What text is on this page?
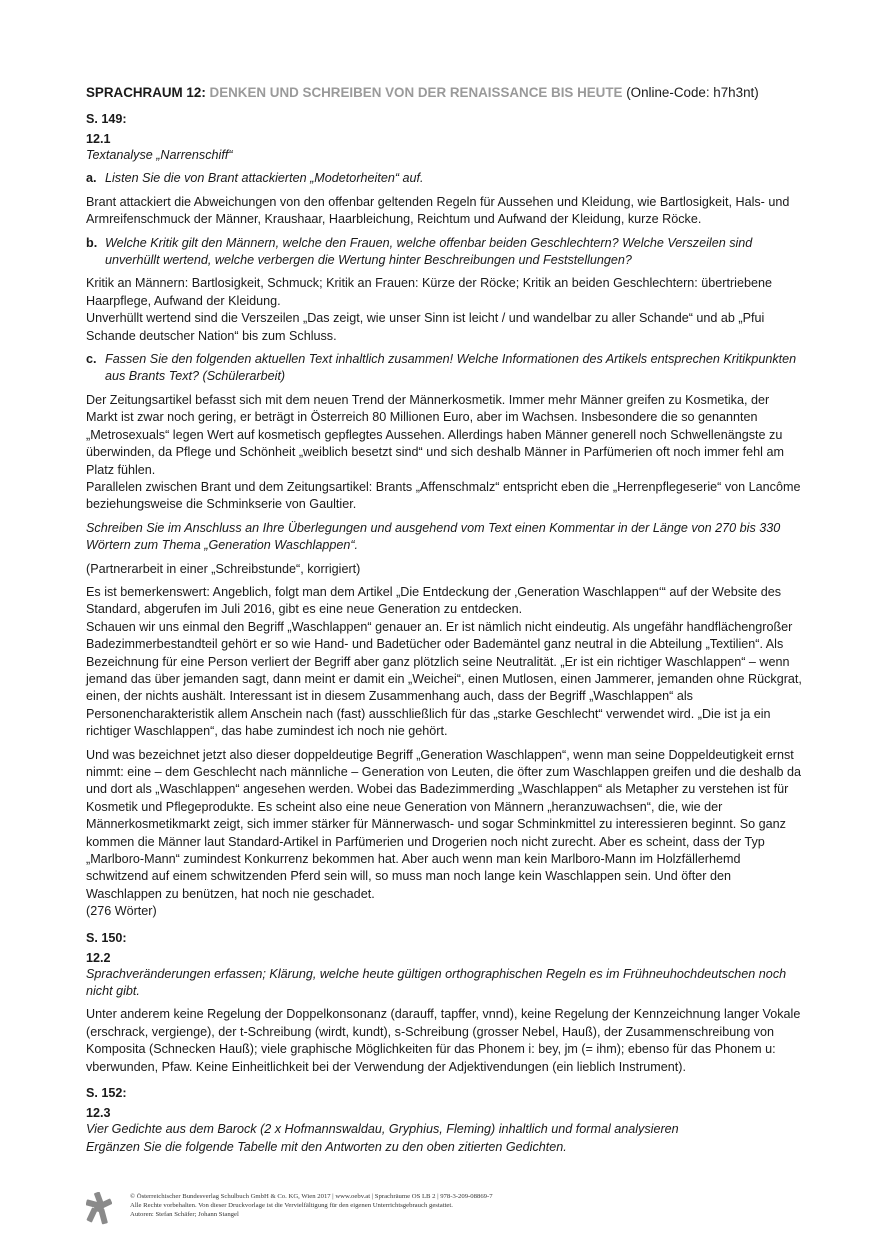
SPRACHRAUM 12: DENKEN UND SCHREIBEN VON DER RENAISSANCE BIS HEUTE (Online-Code: h7h3nt)
S. 149:
12.1

Textanalyse „Narrenschiff“

a. Listen Sie die von Brant attackierten „Modetorheiten“ auf.

Brant attackiert die Abweichungen von den offenbar geltenden Regeln für Aussehen und Kleidung, wie Bartlosigkeit, Hals- und Armreifenschmuck der Männer, Kraushaar, Haarbleichung, Reichtum und Aufwand der Kleidung, kurze Röcke.

b. Welche Kritik gilt den Männern, welche den Frauen, welche offenbar beiden Geschlechtern? Welche Verszeilen sind unverhüllt wertend, welche verbergen die Wertung hinter Beschreibungen und Feststellungen?

Kritik an Männern: Bartlosigkeit, Schmuck; Kritik an Frauen: Kürze der Röcke; Kritik an beiden Geschlechtern: übertriebene Haarpflege, Aufwand der Kleidung.

Unverhüllt wertend sind die Verszeilen „Das zeigt, wie unser Sinn ist leicht / und wandelbar zu aller Schande“ und ab „Pfui Schande deutscher Nation“ bis zum Schluss.

c. Fassen Sie den folgenden aktuellen Text inhaltlich zusammen! Welche Informationen des Artikels entsprechen Kritikpunkten aus Brants Text? (Schülerarbeit)

Der Zeitungsartikel befasst sich mit dem neuen Trend der Männerkosmetik. Immer mehr Männer greifen zu Kosmetika, der Markt ist zwar noch gering, er beträgt in Österreich 80 Millionen Euro, aber im Wachsen. Insbesondere die so genannten „Metrosexuals“ legen Wert auf kosmetisch gepflegtes Aussehen. Allerdings haben Männer generell noch Schwellenängste zu überwinden, da Pflege und Schönheit „weiblich besetzt sind“ und sich deshalb Männer in Parfümerien oft noch immer fehl am Platz fühlen.

Parallelen zwischen Brant und dem Zeitungsartikel: Brants „Affenschmalz“ entspricht eben die „Herrenpflegeserie“ von Lancôme beziehungsweise die Schminkserie von Gaultier.

Schreiben Sie im Anschluss an Ihre Überlegungen und ausgehend vom Text einen Kommentar in der Länge von 270 bis 330 Wörtern zum Thema „Generation Waschlappen“.

(Partnerarbeit in einer „Schreibstunde“, korrigiert)

Es ist bemerkenswert: Angeblich, folgt man dem Artikel „Die Entdeckung der ‚Generation Waschlappen‘“ auf der Website des Standard, abgerufen im Juli 2016, gibt es eine neue Generation zu entdecken.

Schauen wir uns einmal den Begriff „Waschlappen“ genauer an. Er ist nämlich nicht eindeutig. Als ungefähr handflächengroßer Badezimmerbestandteil gehört er so wie Hand- und Badetücher oder Bademäntel ganz neutral in die Abteilung „Textilien“. Als Bezeichnung für eine Person verliert der Begriff aber ganz plötzlich seine Neutralität. „Er ist ein richtiger Waschlappen“ – wenn jemand das über jemanden sagt, dann meint er damit ein „Weichei“, einen Mutlosen, einen Jammerer, jemanden ohne Rückgrat, einen, der nichts aushält. Interessant ist in diesem Zusammenhang auch, dass der Begriff „Waschlappen“ als Personencharakteristik allem Anschein nach (fast) ausschließlich für das „starke Geschlecht“ verwendet wird. „Die ist ja ein richtiger Waschlappen“, das habe zumindest ich noch nie gehört.

Und was bezeichnet jetzt also dieser doppeldeutige Begriff „Generation Waschlappen“, wenn man seine Doppeldeutigkeit ernst nimmt: eine – dem Geschlecht nach männliche – Generation von Leuten, die öfter zum Waschlappen greifen und die deshalb da und dort als „Waschlappen“ angesehen werden. Wobei das Badezimmerding „Waschlappen“ als Metapher zu verstehen ist für Kosmetik und Pflegeprodukte. Es scheint also eine neue Generation von Männern „heranzuwachsen“, die, wie der Männerkosmetikmarkt zeigt, sich immer stärker für Männerwasch- und sogar Schminkmittel zu interessieren beginnt. So ganz kommen die Männer laut Standard-Artikel in Parfümerien und Drogerien noch nicht zurecht. Aber es scheint, dass der Typ „Marlboro-Mann“ zumindest Konkurrenz bekommen hat. Aber auch wenn man kein Marlboro-Mann im Holzfällerhemd schwitzend auf einem schwitzenden Pferd sein will, so muss man noch lange kein Waschlappen sein. Und öfter den Waschlappen zu benützen, hat noch nie geschadet.

(276 Wörter)

S. 150:
12.2

Sprachveränderungen erfassen; Klärung, welche heute gültigen orthographischen Regeln es im Frühneuhochdeutschen noch nicht gibt.

Unter anderem keine Regelung der Doppelkonsonanz (darauff, tapffer, vnnd), keine Regelung der Kennzeichnung langer Vokale (erschrack, vergienge), der t-Schreibung (wirdt, kundt), s-Schreibung (grosser Nebel, Hauß), der Zusammenschreibung von Komposita (Schnecken Hauß); viele graphische Möglichkeiten für das Phonem i: bey, jm (= ihm); ebenso für das Phonem u: vberwunden, Pfaw. Keine Einheitlichkeit bei der Verwendung der Adjektivendungen (ein lieblich Instrument).

S. 152:
12.3

Vier Gedichte aus dem Barock (2 x Hofmannswaldau, Gryphius, Fleming) inhaltlich und formal analysieren

Ergänzen Sie die folgende Tabelle mit den Antworten zu den oben zitierten Gedichten.

© Österreichischer Bundesverlag Schulbuch GmbH & Co. KG, Wien 2017 | www.oebv.at | Sprachräume OS LB 2 | 978-3-209-08869-7
Alle Rechte vorbehalten. Von dieser Druckvorlage ist die Vervielfältigung für den eigenen Unterrichtsgebrauch gestattet.
Autoren: Stefan Schäfer; Johann Stangel
